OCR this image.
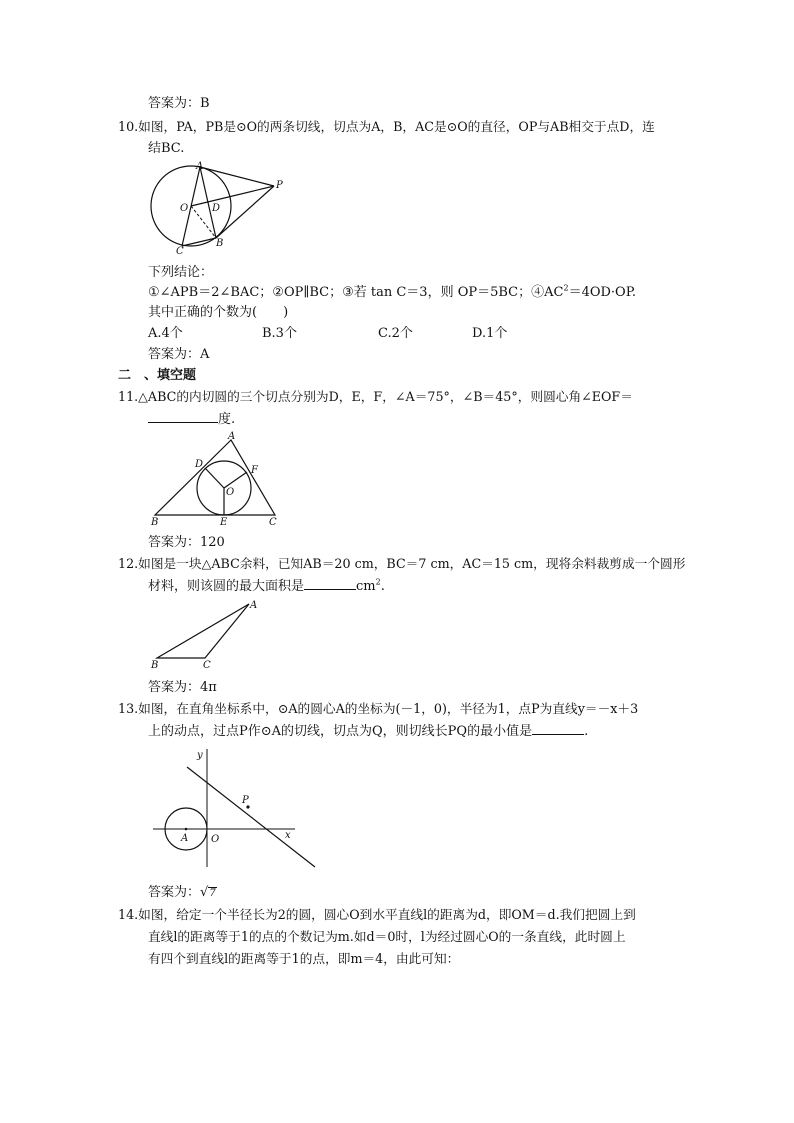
答案为：B
10.如图，PA，PB是⊙O的两条切线，切点为A，B，AC是⊙O的直径，OP与AB相交于点D，连
结BC.
A
P
O D
B
C
下列结论：
①∠APB＝2∠BAC；②OP∥BC；③若 tan C＝3，则 OP＝5BC；$④AC^2=4OD\cdot OP$.
其中正确的个数为(　　)
A.4个	B.3个	C.2个	D.1个
答案为：A
二　、填空题
11.△ABC的内切圆的三个切点分别为D，E，F，∠A＝75°，∠B＝45°，则圆心角∠EOF＝
度.
A
D
F
O
B	E	C
答案为：120
12.如图是一块△ABC余料，已知AB＝20 cm，BC＝7 cm，AC＝15 cm，现将余料裁剪成一个圆形
材料，则该圆的最大面积是	$cm^2$.
A
B	C
答案为：4π
13.如图，在直角坐标系中，⊙A的圆心A的坐标为(－1，0)，半径为1，点P为直线y＝－x＋3
上的动点，过点P作⊙A的切线，切点为Q，则切线长PQ的最小值是	.
y
P
A O	x
答案为：√7
14.如图，给定一个半径长为2的圆，圆心O到水平直线l的距离为d，即OM＝d.我们把圆上到
直线l的距离等于1的点的个数记为m.如d＝0时，l为经过圆心O的一条直线，此时圆上
有四个到直线l的距离等于1的点，即m＝4，由此可知：
